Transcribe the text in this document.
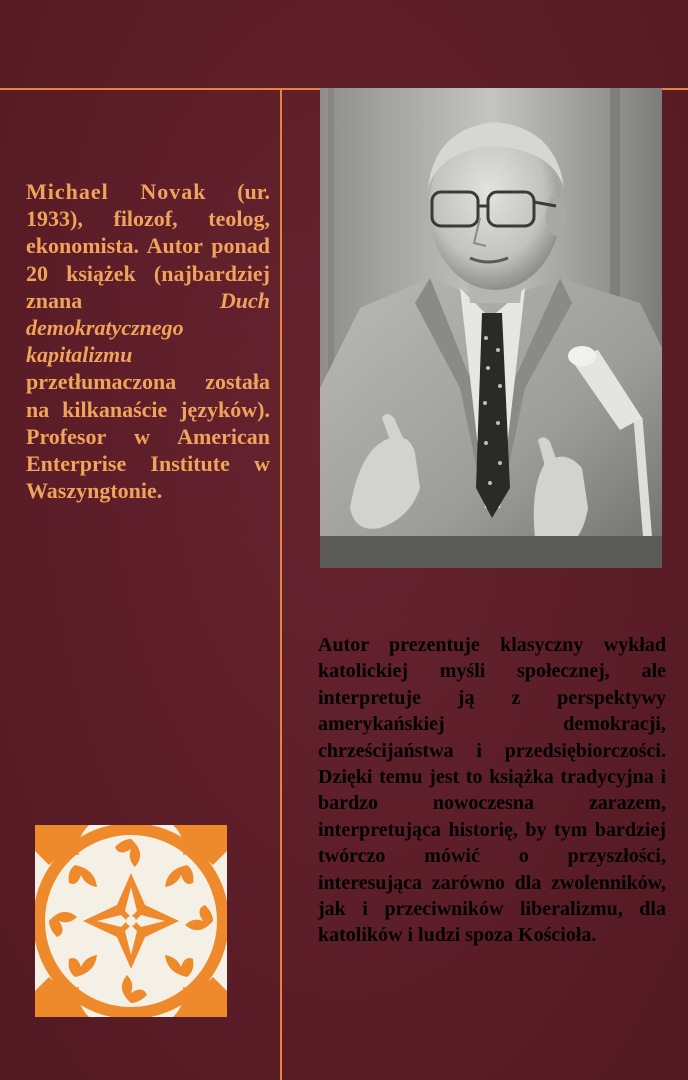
Michael Novak (ur. 1933), filozof, teolog, ekonomista. Autor ponad 20 książek (najbardziej znana	Duch demokratycznego kapitalizmu przetłumaczona została na kilkanaście języków). Profesor w American Enterprise Institute w Waszyngtonie.

Autor prezentuje klasyczny wykład katolickiej myśli społecznej, ale interpretuje ją z perspektywy amerykańskiej demokracji, chrześcijaństwa i przedsiębiorczości. Dzięki temu jest to książka tradycyjna i bardzo nowoczesna zarazem, interpretująca historię, by tym bardziej twórczo mówić o przyszłości, interesująca zarówno dla zwolenników, jak i przeciwników liberalizmu, dla katolików i ludzi spoza Kościoła.
